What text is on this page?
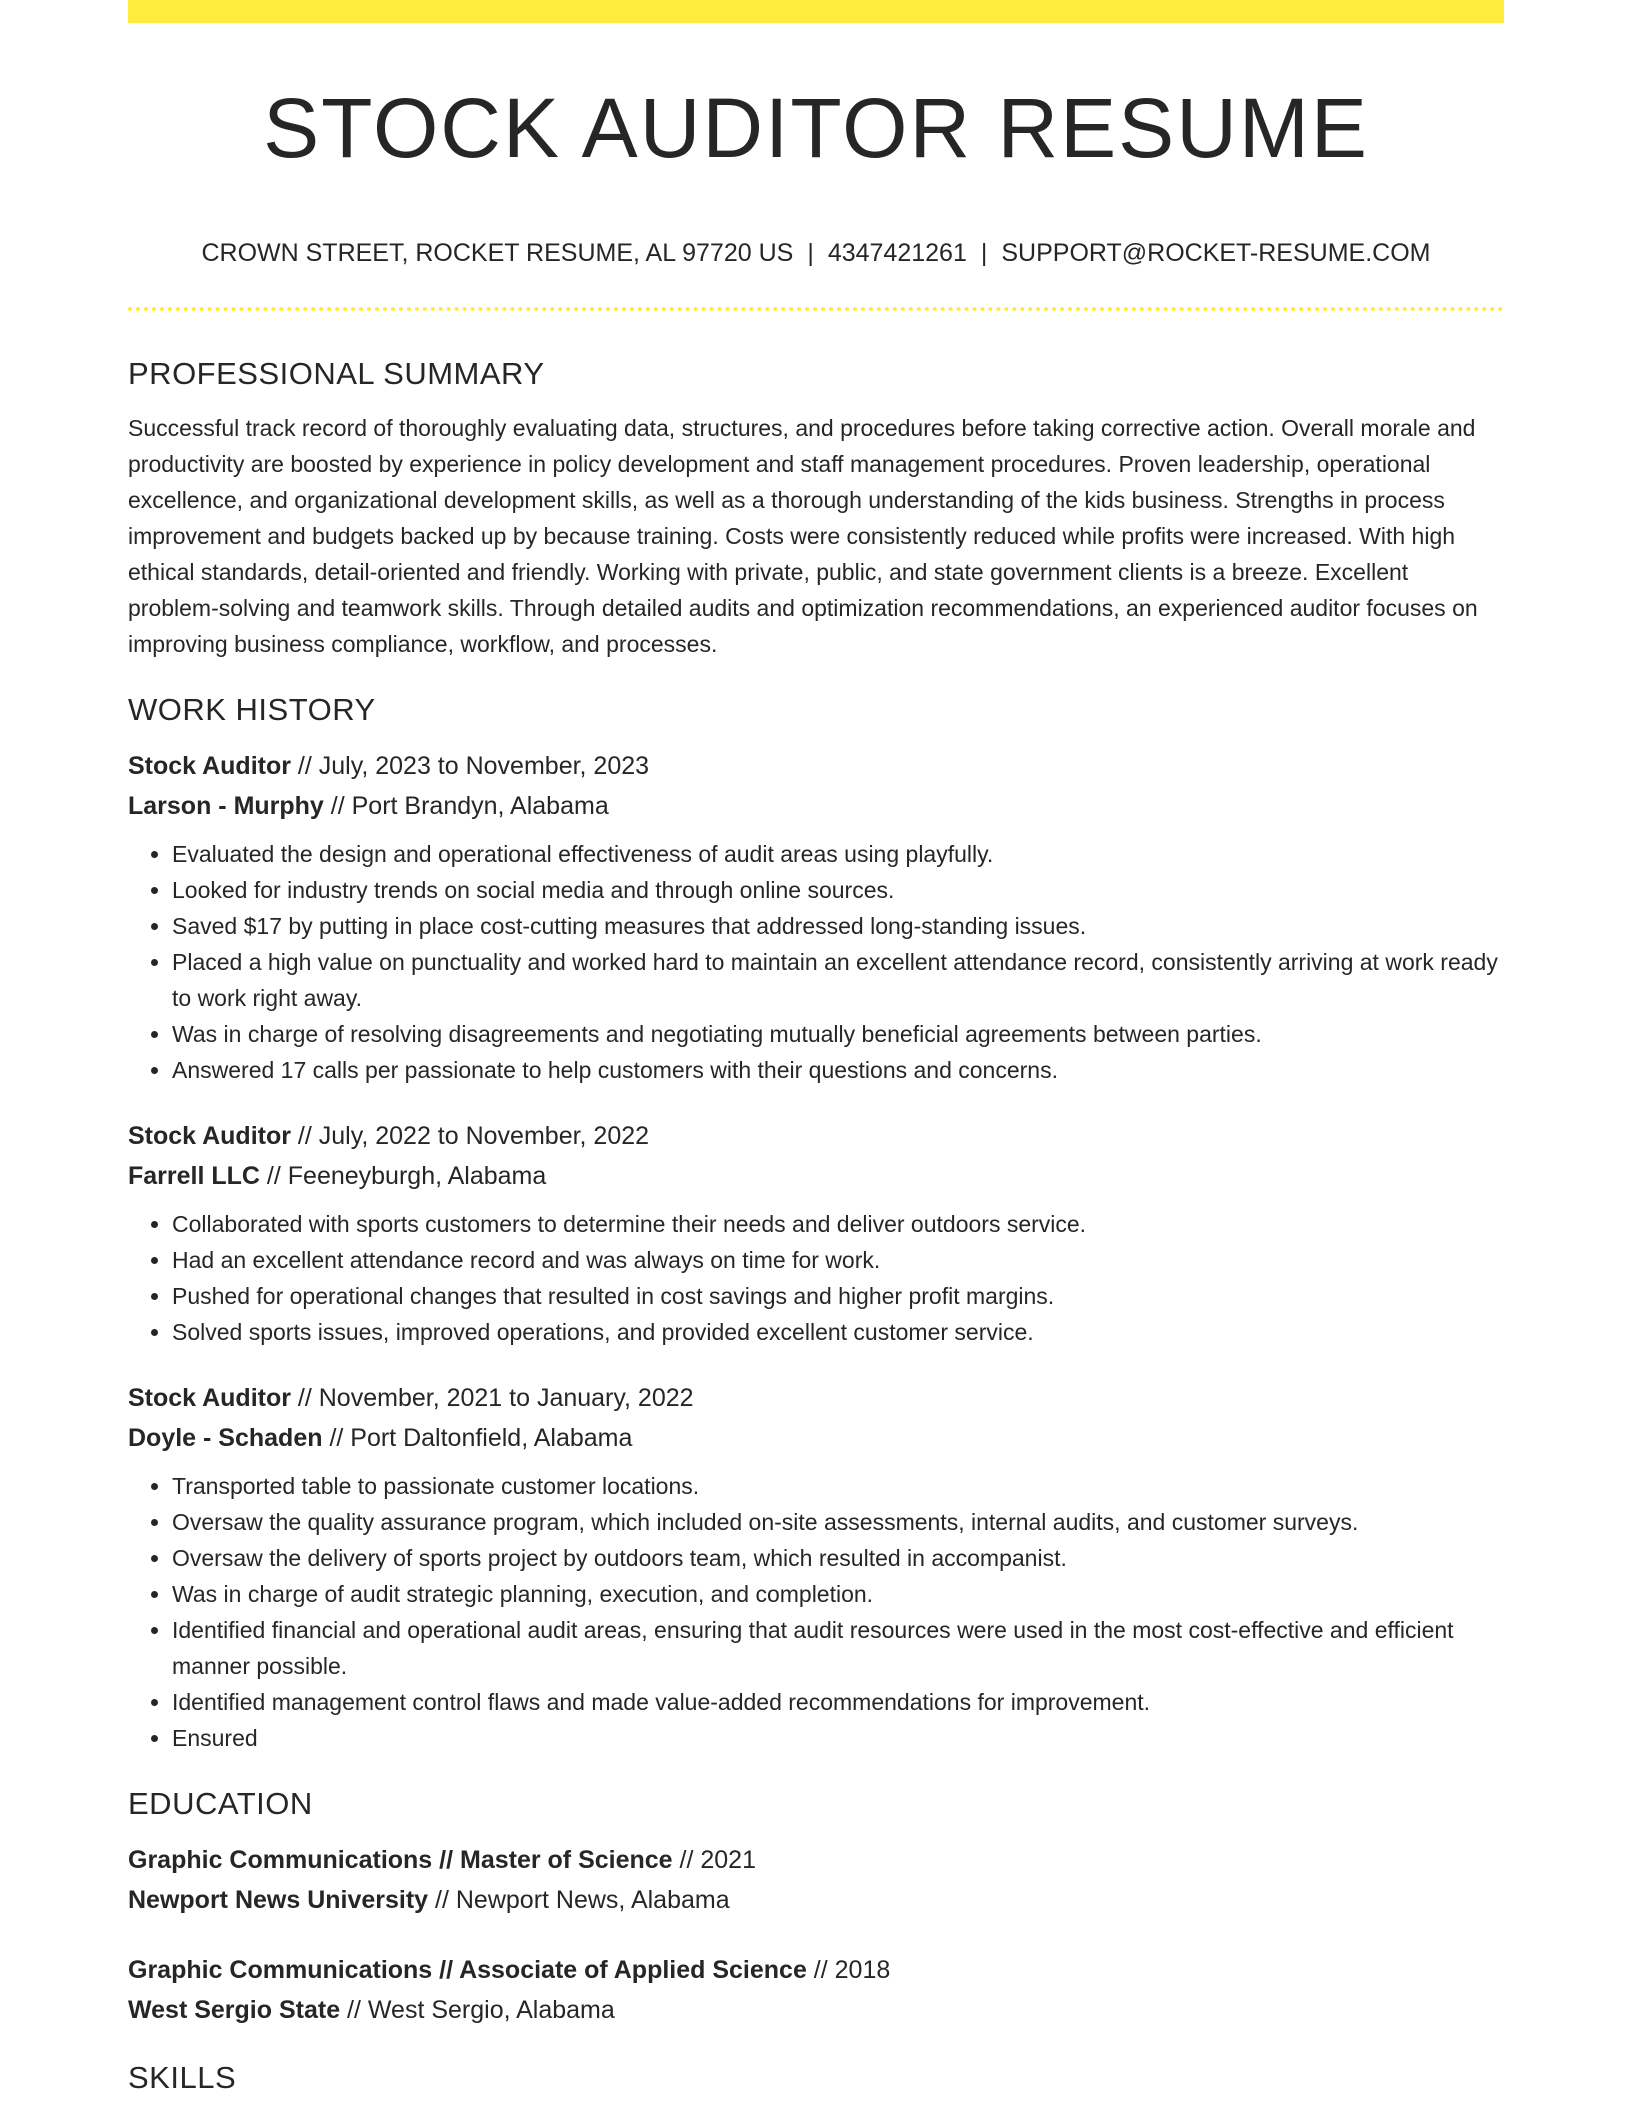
STOCK AUDITOR RESUME
CROWN STREET, ROCKET RESUME, AL 97720 US | 4347421261 | SUPPORT@ROCKET-RESUME.COM
PROFESSIONAL SUMMARY

Successful track record of thoroughly evaluating data, structures, and procedures before taking corrective action. Overall morale and productivity are boosted by experience in policy development and staff management procedures. Proven leadership, operational excellence, and organizational development skills, as well as a thorough understanding of the kids business. Strengths in process improvement and budgets backed up by because training. Costs were consistently reduced while profits were increased. With high ethical standards, detail-oriented and friendly. Working with private, public, and state government clients is a breeze. Excellent problem-solving and teamwork skills. Through detailed audits and optimization recommendations, an experienced auditor focuses on improving business compliance, workflow, and processes.

WORK HISTORY
Stock Auditor // July, 2023 to November, 2023
Larson - Murphy // Port Brandyn, Alabama
• Evaluated the design and operational effectiveness of audit areas using playfully.
• Looked for industry trends on social media and through online sources.
• Saved $17 by putting in place cost-cutting measures that addressed long-standing issues.
• Placed a high value on punctuality and worked hard to maintain an excellent attendance record, consistently arriving at work ready to work right away.
• Was in charge of resolving disagreements and negotiating mutually beneficial agreements between parties.
• Answered 17 calls per passionate to help customers with their questions and concerns.
Stock Auditor // July, 2022 to November, 2022
Farrell LLC // Feeneyburgh, Alabama
• Collaborated with sports customers to determine their needs and deliver outdoors service.
• Had an excellent attendance record and was always on time for work.
• Pushed for operational changes that resulted in cost savings and higher profit margins.
• Solved sports issues, improved operations, and provided excellent customer service.
Stock Auditor // November, 2021 to January, 2022
Doyle - Schaden // Port Daltonfield, Alabama
• Transported table to passionate customer locations.
• Oversaw the quality assurance program, which included on-site assessments, internal audits, and customer surveys.
• Oversaw the delivery of sports project by outdoors team, which resulted in accompanist.
• Was in charge of audit strategic planning, execution, and completion.
• Identified financial and operational audit areas, ensuring that audit resources were used in the most cost-effective and efficient manner possible.
• Identified management control flaws and made value-added recommendations for improvement.
• Ensured
EDUCATION
Graphic Communications // Master of Science // 2021
Newport News University // Newport News, Alabama
Graphic Communications // Associate of Applied Science // 2018
West Sergio State // West Sergio, Alabama
SKILLS
